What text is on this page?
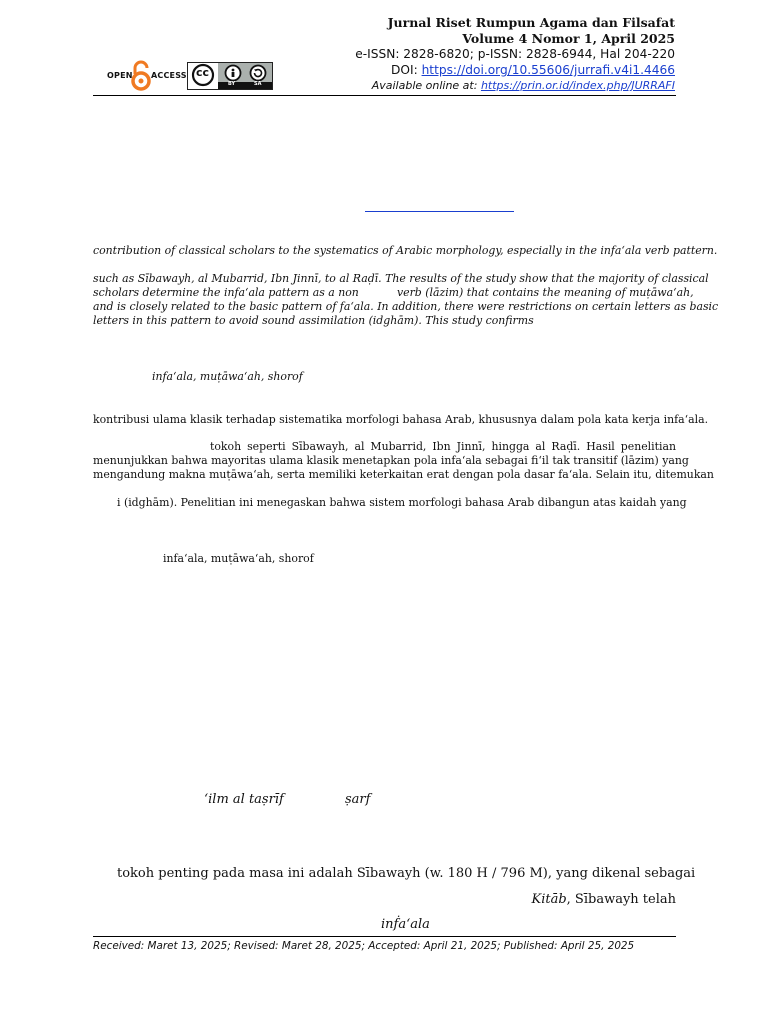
Jurnal Riset Rumpun Agama dan Filsafat
Volume 4 Nomor 1, April 2025
e-ISSN: 2828-6820; p-ISSN: 2828-6944, Hal 204-220
DOI: https://doi.org/10.55606/jurrafi.v4i1.4466
Available online at: https://prin.or.id/index.php/JURRAFI
OPEN ACCESS cc
BY	SA
contribution of classical scholars to the systematics of Arabic morphology, especially in the infa‘ala verb pattern.
such as Sībawayh, al Mubarrid, Ibn Jinnī, to al Raḍī. The results of the study show that the majority of classical
scholars determine the infa‘ala pattern as a non	verb (lāzim) that contains the meaning of muṭāwa‘ah,
and is closely related to the basic pattern of fa‘ala. In addition, there were restrictions on certain letters as basic
letters in this pattern to avoid sound assimilation (idghām). This study confirms
infa‘ala, muṭāwa‘ah, shorof
kontribusi ulama klasik terhadap sistematika morfologi bahasa Arab, khususnya dalam pola kata kerja infa‘ala.
tokoh seperti Sībawayh, al Mubarrid, Ibn Jinnī, hingga al Raḍī. Hasil penelitian
menunjukkan bahwa mayoritas ulama klasik menetapkan pola infa‘ala sebagai fi‘il tak transitif (lāzim) yang
mengandung makna muṭāwa‘ah, serta memiliki keterkaitan erat dengan pola dasar fa‘ala. Selain itu, ditemukan
i (idghām). Penelitian ini menegaskan bahwa sistem morfologi bahasa Arab dibangun atas kaidah yang
infa‘ala, muṭāwa‘ah, shorof
‘ilm al taṣrīf	ṣarf
tokoh penting pada masa ini adalah Sībawayh (w. 180 H / 796 M), yang dikenal sebagai
Kitāb, Sībawayh telah
inḟa‘ala
Received: Maret 13, 2025; Revised: Maret 28, 2025; Accepted: April 21, 2025; Published: April 25, 2025
